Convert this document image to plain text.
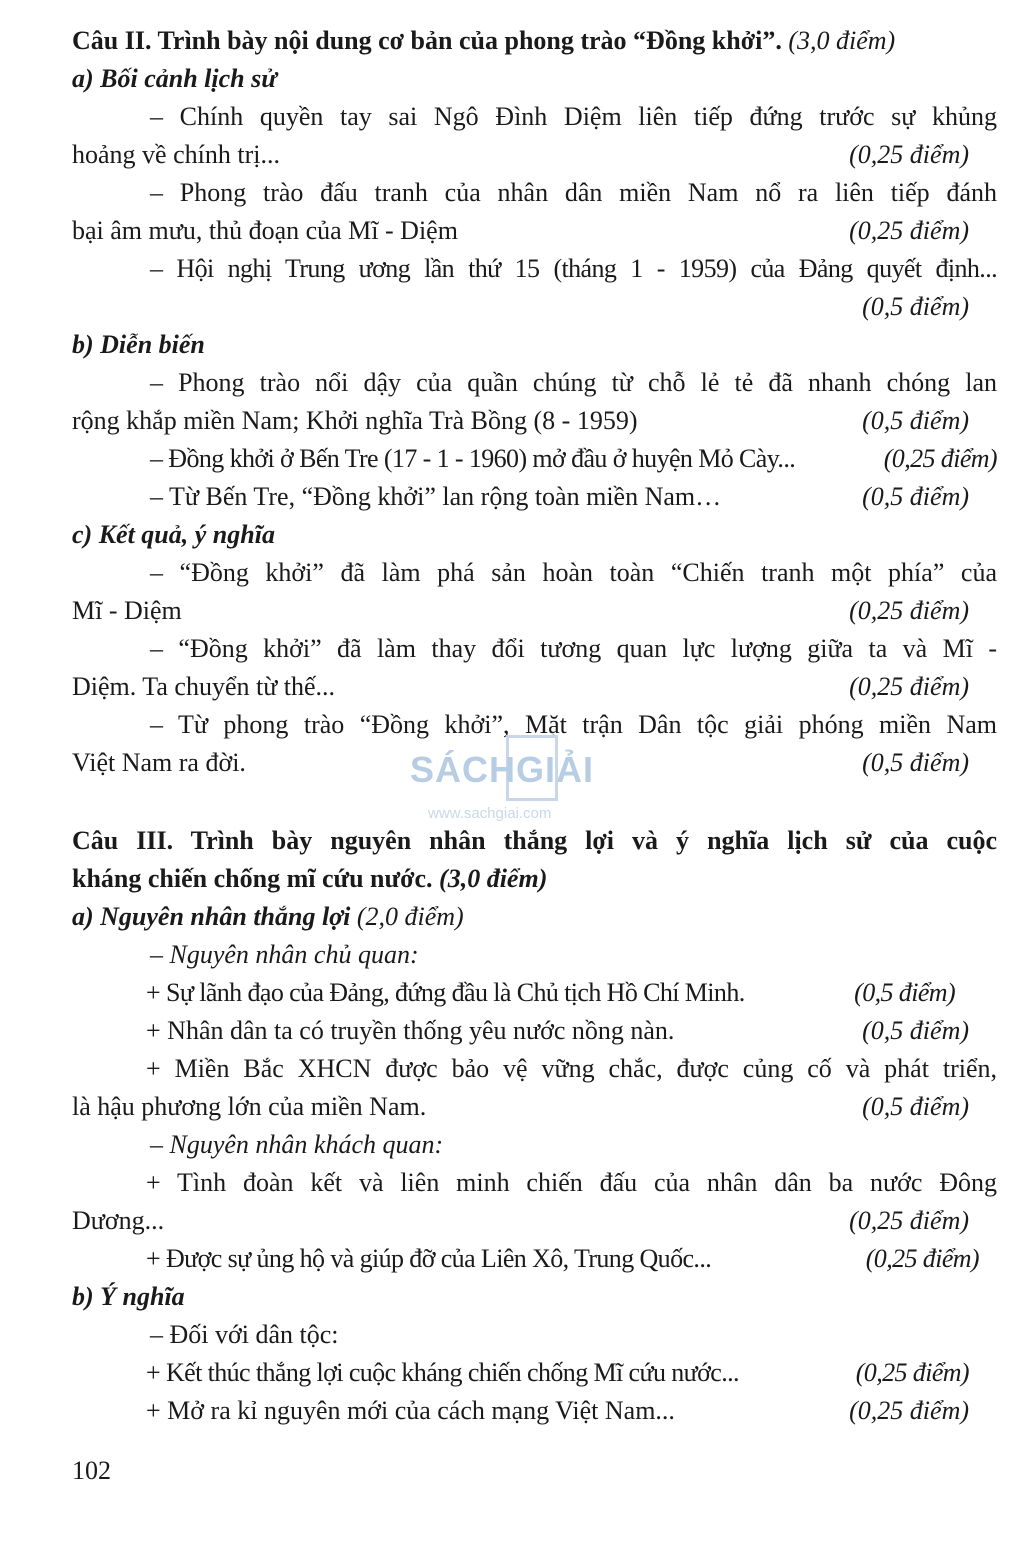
Câu II. Trình bày nội dung cơ bản của phong trào “Đồng khởi”. (3,0 điểm)
a) Bối cảnh lịch sử
– Chính quyền tay sai Ngô Đình Diệm liên tiếp đứng trước sự khủng
hoảng về chính trị...	(0,25 điểm)
– Phong trào đấu tranh của nhân dân miền Nam nổ ra liên tiếp đánh
bại âm mưu, thủ đoạn của Mĩ - Diệm	(0,25 điểm)
– Hội nghị Trung ương lần thứ 15 (tháng 1 - 1959) của Đảng quyết định...
(0,5 điểm)
b) Diễn biến
– Phong trào nổi dậy của quần chúng từ chỗ lẻ tẻ đã nhanh chóng lan
rộng khắp miền Nam; Khởi nghĩa Trà Bồng (8 - 1959)	(0,5 điểm)
– Đồng khởi ở Bến Tre (17 - 1 - 1960) mở đầu ở huyện Mỏ Cày...	(0,25 điểm)
– Từ Bến Tre, “Đồng khởi” lan rộng toàn miền Nam…	(0,5 điểm)
c) Kết quả, ý nghĩa
– “Đồng khởi” đã làm phá sản hoàn toàn “Chiến tranh một phía” của
Mĩ - Diệm	(0,25 điểm)
– “Đồng khởi” đã làm thay đổi tương quan lực lượng giữa ta và Mĩ -
Diệm. Ta chuyển từ thế...	(0,25 điểm)
– Từ phong trào “Đồng khởi”, Mặt trận Dân tộc giải phóng miền Nam
Việt Nam ra đời.	(0,5 điểm)
Câu III. Trình bày nguyên nhân thắng lợi và ý nghĩa lịch sử của cuộc
kháng chiến chống mĩ cứu nước. (3,0 điểm)
a) Nguyên nhân thắng lợi (2,0 điểm)
– Nguyên nhân chủ quan:
+ Sự lãnh đạo của Đảng, đứng đầu là Chủ tịch Hồ Chí Minh.	(0,5 điểm)
+ Nhân dân ta có truyền thống yêu nước nồng nàn.	(0,5 điểm)
+ Miền Bắc XHCN được bảo vệ vững chắc, được củng cố và phát triển,
là hậu phương lớn của miền Nam.	(0,5 điểm)
– Nguyên nhân khách quan:
+ Tình đoàn kết và liên minh chiến đấu của nhân dân ba nước Đông
Dương...	(0,25 điểm)
+ Được sự ủng hộ và giúp đỡ của Liên Xô, Trung Quốc...	(0,25 điểm)
b) Ý nghĩa
– Đối với dân tộc:
+ Kết thúc thắng lợi cuộc kháng chiến chống Mĩ cứu nước...	(0,25 điểm)
+ Mở ra kỉ nguyên mới của cách mạng Việt Nam...	(0,25 điểm)
SÁCHGIẢI
www.sachgiai.com
102
